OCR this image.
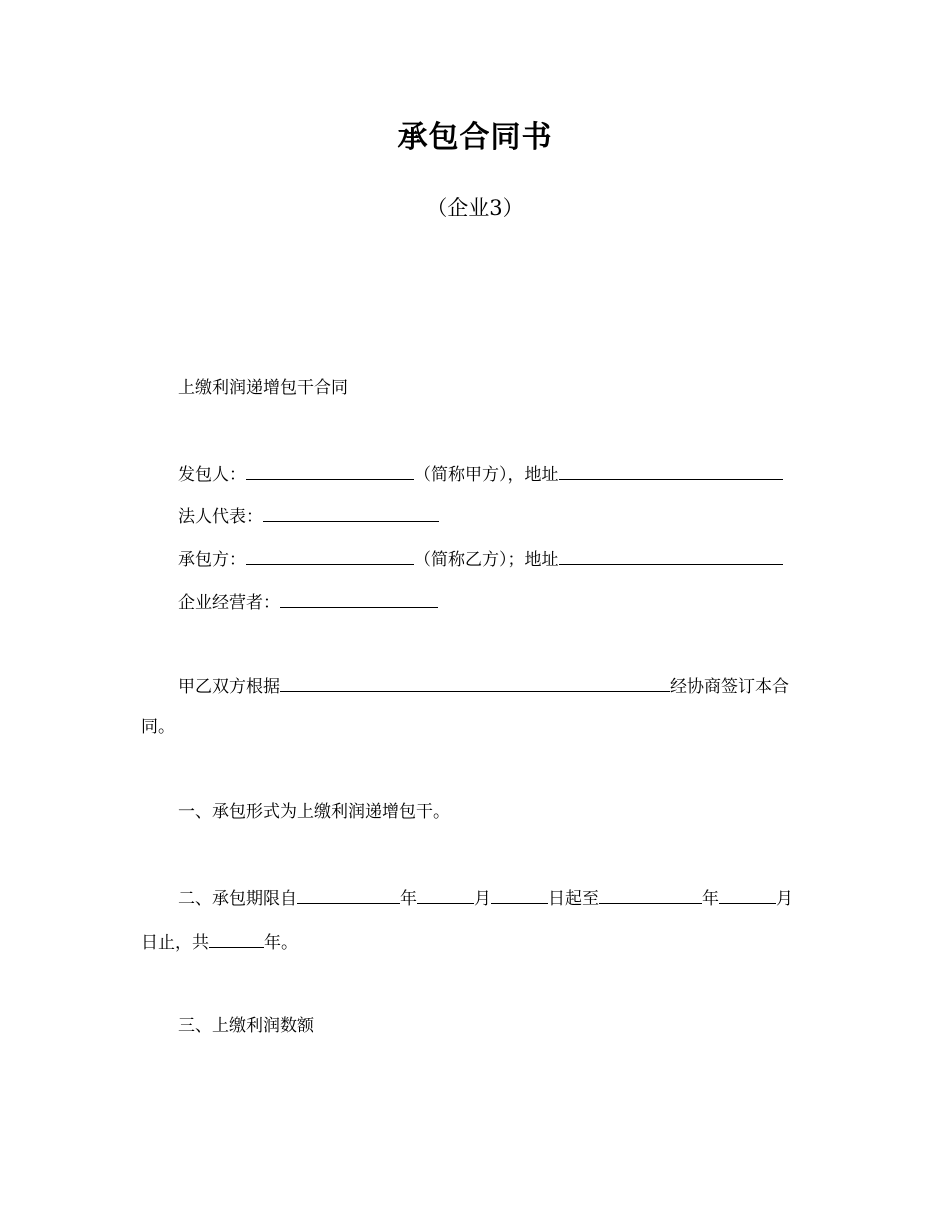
承包合同书
（企业3）
上缴利润递增包干合同
发包人：	（简称甲方），地址
法人代表：
承包方：	（简称乙方）；地址
企业经营者：
甲乙双方根据	经协商签订本合
同。
一、承包形式为上缴利润递增包干。
二、承包期限自	年	月	日起至	年	月
日止，共	年。
三、上缴利润数额
